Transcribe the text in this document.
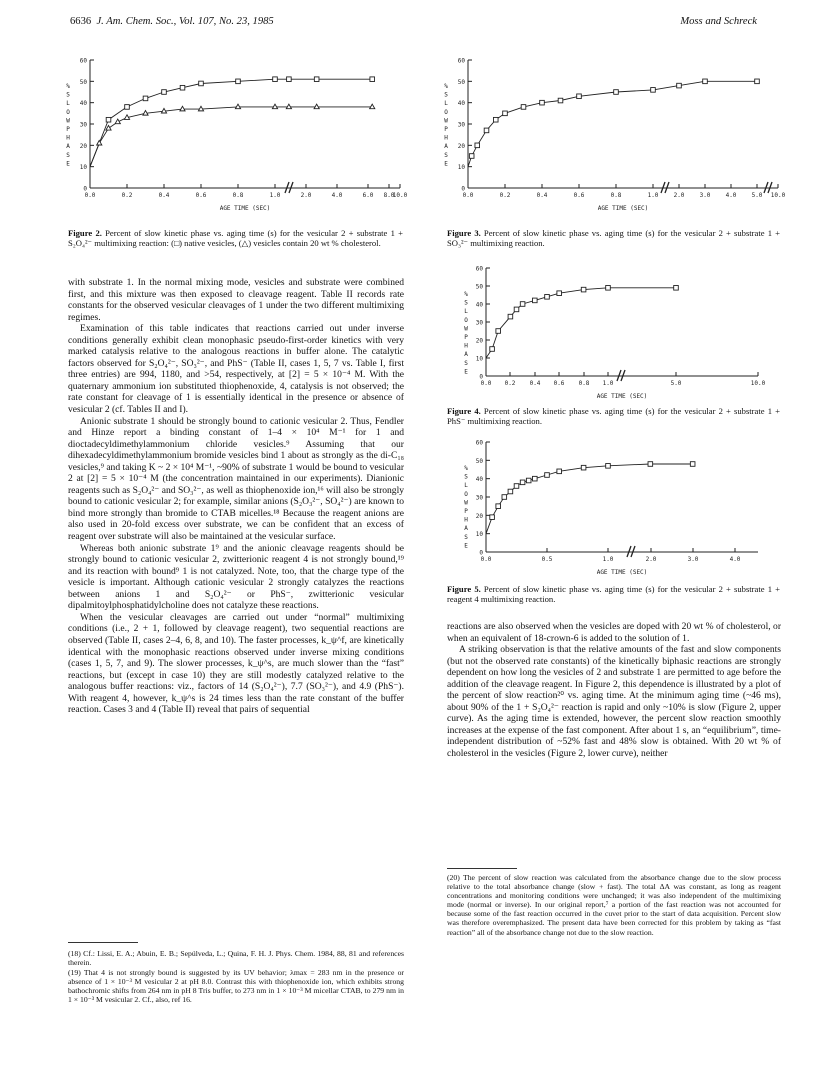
6636 J. Am. Chem. Soc., Vol. 107, No. 23, 1985	Moss and Schreck
0
10
20
30
40
50
60
%
S
L
O
W
P
H
A
S
E
0.0	0.2	0.4	0.6	0.8	1.0	2.0	4.0	6.0 8.0
10.0
AGE TIME (SEC)
0
10
20
30
40
50
60
%
S
L
O
W
P
H
A
S
E
0.0	0.2	0.4	0.6	0.8	1.0	2.0	3.0	4.0	5.0 10.0
AGE TIME (SEC)
0
10
20
30
40
50
60
%
S
L
O
W
P
H
A
S
E
0.0 0.2 0.4 0.6 0.8 1.0	5.0	10.0
AGE TIME (SEC)
0
10
20
30
40
50
60
%
S
L
O
W
P
H
A
S
E
0.0	0.5	1.0	2.0	3.0	4.0
AGE TIME (SEC)
Figure 2. Percent of slow kinetic phase vs. aging time (s) for the vesicular 2 + substrate 1 + S₂O₄²⁻ multimixing reaction: (□) native vesicles, (△) vesicles contain 20 wt % cholesterol.
Figure 3. Percent of slow kinetic phase vs. aging time (s) for the vesicular 2 + substrate 1 + SO₃²⁻ multimixing reaction.
Figure 4. Percent of slow kinetic phase vs. aging time (s) for the vesicular 2 + substrate 1 + PhS⁻ multimixing reaction.
Figure 5. Percent of slow kinetic phase vs. aging time (s) for the vesicular 2 + substrate 1 + reagent 4 multimixing reaction.

with substrate 1. In the normal mixing mode, vesicles and substrate were combined first, and this mixture was then exposed to cleavage reagent. Table II records rate constants for the observed vesicular cleavages of 1 under the two different multimixing regimes.

Examination of this table indicates that reactions carried out under inverse conditions generally exhibit clean monophasic pseudo-first-order kinetics with very marked catalysis relative to the analogous reactions in buffer alone. The catalytic factors observed for S₂O₄²⁻, SO₃²⁻, and PhS⁻ (Table II, cases 1, 5, 7 vs. Table I, first three entries) are 994, 1180, and >54, respectively, at [2] = 5 × 10⁻⁴ M. With the quaternary ammonium ion substituted thiophenoxide, 4, catalysis is not observed; the rate constant for cleavage of 1 is essentially identical in the presence or absence of vesicular 2 (cf. Tables II and I).

Anionic substrate 1 should be strongly bound to cationic vesicular 2. Thus, Fendler and Hinze report a binding constant of 1–4 × 10⁴ M⁻¹ for 1 and dioctadecyldimethylammonium chloride vesicles.⁹ Assuming that our dihexadecyldimethylammonium bromide vesicles bind 1 about as strongly as the di-C₁₈ vesicles,⁹ and taking K ~ 2 × 10⁴ M⁻¹, ~90% of substrate 1 would be bound to vesicular 2 at [2] = 5 × 10⁻⁴ M (the concentration maintained in our experiments). Dianionic reagents such as S₂O₄²⁻ and SO₃²⁻, as well as thiophenoxide ion,¹⁶ will also be strongly bound to cationic vesicular 2; for example, similar anions (S₂O₃²⁻, SO₄²⁻) are known to bind more strongly than bromide to CTAB micelles.¹⁸ Because the reagent anions are also used in 20-fold excess over substrate, we can be confident that an excess of reagent over substrate will also be maintained at the vesicular surface.

Whereas both anionic substrate 1⁹ and the anionic cleavage reagents should be strongly bound to cationic vesicular 2, zwitterionic reagent 4 is not strongly bound,¹⁹ and its reaction with bound⁹ 1 is not catalyzed. Note, too, that the charge type of the vesicle is important. Although cationic vesicular 2 strongly catalyzes the reactions between anions 1 and S₂O₄²⁻ or PhS⁻, zwitterionic vesicular dipalmitoylphosphatidylcholine does not catalyze these reactions.

When the vesicular cleavages are carried out under “normal” multimixing conditions (i.e., 2 + 1, followed by cleavage reagent), two sequential reactions are observed (Table II, cases 2–4, 6, 8, and 10). The faster processes, k_ψ^f, are kinetically identical with the monophasic reactions observed under inverse mixing conditions (cases 1, 5, 7, and 9). The slower processes, k_ψ^s, are much slower than the “fast” reactions, but (except in case 10) they are still modestly catalyzed relative to the analogous buffer reactions: viz., factors of 14 (S₂O₄²⁻), 7.7 (SO₃²⁻), and 4.9 (PhS⁻). With reagent 4, however, k_ψ^s is 24 times less than the rate constant of the buffer reaction. Cases 3 and 4 (Table II) reveal that pairs of sequential

reactions are also observed when the vesicles are doped with 20 wt % of cholesterol, or when an equivalent of 18-crown-6 is added to the solution of 1.

A striking observation is that the relative amounts of the fast and slow components (but not the observed rate constants) of the kinetically biphasic reactions are strongly dependent on how long the vesicles of 2 and substrate 1 are permitted to age before the addition of the cleavage reagent. In Figure 2, this dependence is illustrated by a plot of the percent of slow reaction²⁰ vs. aging time. At the minimum aging time (~46 ms), about 90% of the 1 + S₂O₄²⁻ reaction is rapid and only ~10% is slow (Figure 2, upper curve). As the aging time is extended, however, the percent slow reaction smoothly increases at the expense of the fast component. After about 1 s, an “equilibrium”, time-independent distribution of ~52% fast and 48% slow is obtained. With 20 wt % of cholesterol in the vesicles (Figure 2, lower curve), neither

(18) Cf.: Lissi, E. A.; Abuin, E. B.; Sepúlveda, L.; Quina, F. H. J. Phys. Chem. 1984, 88, 81 and references therein.

(19) That 4 is not strongly bound is suggested by its UV behavior; λmax = 283 nm in the presence or absence of 1 × 10⁻³ M vesicular 2 at pH 8.0. Contrast this with thiophenoxide ion, which exhibits strong bathochromic shifts from 264 nm in pH 8 Tris buffer, to 273 nm in 1 × 10⁻³ M micellar CTAB, to 279 nm in 1 × 10⁻³ M vesicular 2. Cf., also, ref 16.

(20) The percent of slow reaction was calculated from the absorbance change due to the slow process relative to the total absorbance change (slow + fast). The total ΔA was constant, as long as reagent concentrations and monitoring conditions were unchanged; it was also independent of the multimixing mode (normal or inverse). In our original report,⁷ a portion of the fast reaction was not accounted for because some of the fast reaction occurred in the cuvet prior to the start of data acquisition. Percent slow was therefore overemphasized. The present data have been corrected for this problem by taking as “fast reaction” all of the absorbance change not due to the slow reaction.
